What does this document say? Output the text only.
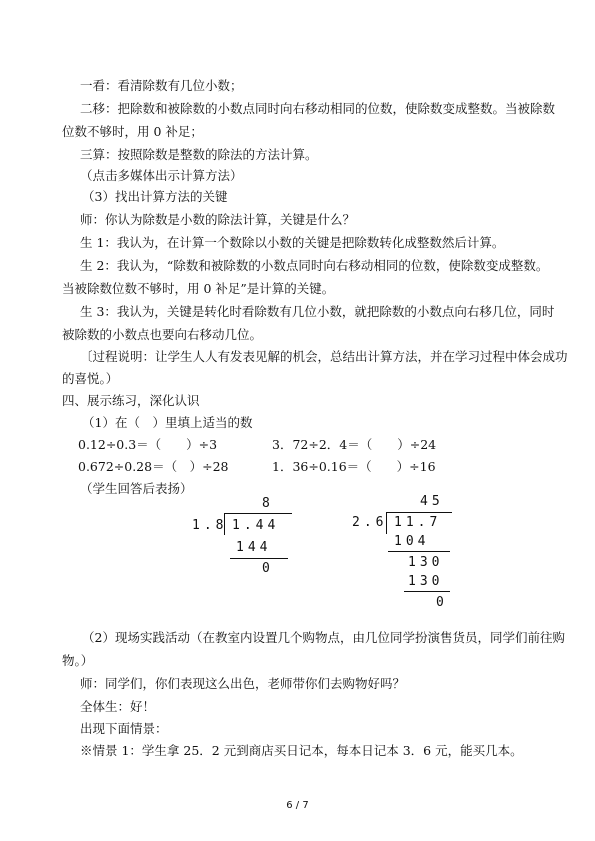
一看：看清除数有几位小数；
二移：把除数和被除数的小数点同时向右移动相同的位数，使除数变成整数。当被除数
位数不够时，用 0 补足；
三算：按照除数是整数的除法的方法计算。
（点击多媒体出示计算方法）
（3）找出计算方法的关键
师：你认为除数是小数的除法计算，关键是什么？
生 1：我认为，在计算一个数除以小数的关键是把除数转化成整数然后计算。
生 2：我认为，“除数和被除数的小数点同时向右移动相同的位数，使除数变成整数。
当被除数位数不够时，用 0 补足”是计算的关键。
生 3：我认为，关键是转化时看除数有几位小数，就把除数的小数点向右移几位，同时
被除数的小数点也要向右移动几位。
〔过程说明：让学生人人有发表见解的机会，总结出计算方法，并在学习过程中体会成功
的喜悦。）
四、展示练习，深化认识
（1）在（　）里填上适当的数
0.12÷0.3＝（　　）÷3	3．72÷2．4＝（　　）÷24
0.672÷0.28＝（　）÷28	1．36÷0.16＝（　　）÷16
（学生回答后表扬）
8
1.8 1.44
144
0
45
2.6 11.7
104
130
130
0
（2）现场实践活动（在教室内设置几个购物点，由几位同学扮演售货员，同学们前往购
物。）
师：同学们，你们表现这么出色，老师带你们去购物好吗？
全体生：好！
出现下面情景：
※情景 1：学生拿 25．2 元到商店买日记本，每本日记本 3．6 元，能买几本。
6 / 7
